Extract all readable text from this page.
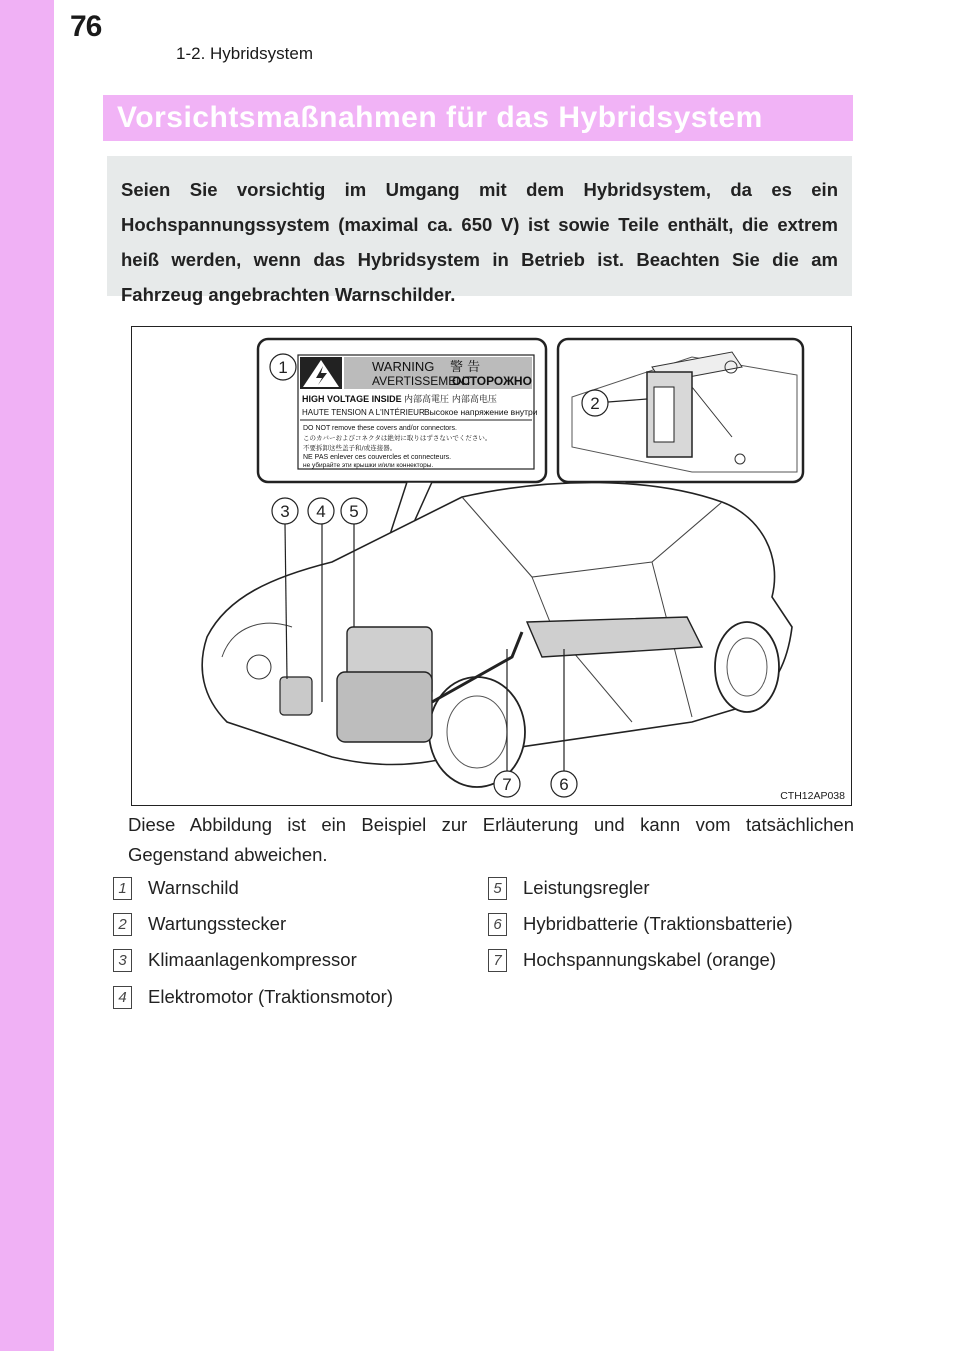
76
1-2. Hybridsystem
Vorsichtsmaßnahmen für das Hybridsystem

Seien Sie vorsichtig im Umgang mit dem Hybridsystem, da es ein Hochspannungssystem (maximal ca. 650 V) ist sowie Teile enthält, die extrem heiß werden, wenn das Hybridsystem in Betrieb ist. Beachten Sie die am Fahrzeug angebrachten Warnschilder.

WARNING 警 告
AVERTISSEMENT
ОСТОРОЖНО
HIGH VOLTAGE INSIDE 内部高電圧 内部高电压
HAUTE TENSION A L'INTÉRIEUR Высокое напряжение внутри
DO NOT remove these covers and/or connectors.
このカバーおよびコネクタは絶対に取りはずさないでください。
不要拆卸这些盖子和/或连接器。
NE PAS enlever ces couvercles et connecteurs.
не убирайте эти крышки и/или коннекторы.
1
2
3 4 5
7	6
CTH12AP038

Diese Abbildung ist ein Beispiel zur Erläuterung und kann vom tatsächlichen Gegenstand abweichen.

1 Warnschild
2 Wartungsstecker
3 Klimaanlagenkompressor
4 Elektromotor (Traktionsmotor)
5 Leistungsregler
6 Hybridbatterie (Traktionsbatterie)
7 Hochspannungskabel (orange)
